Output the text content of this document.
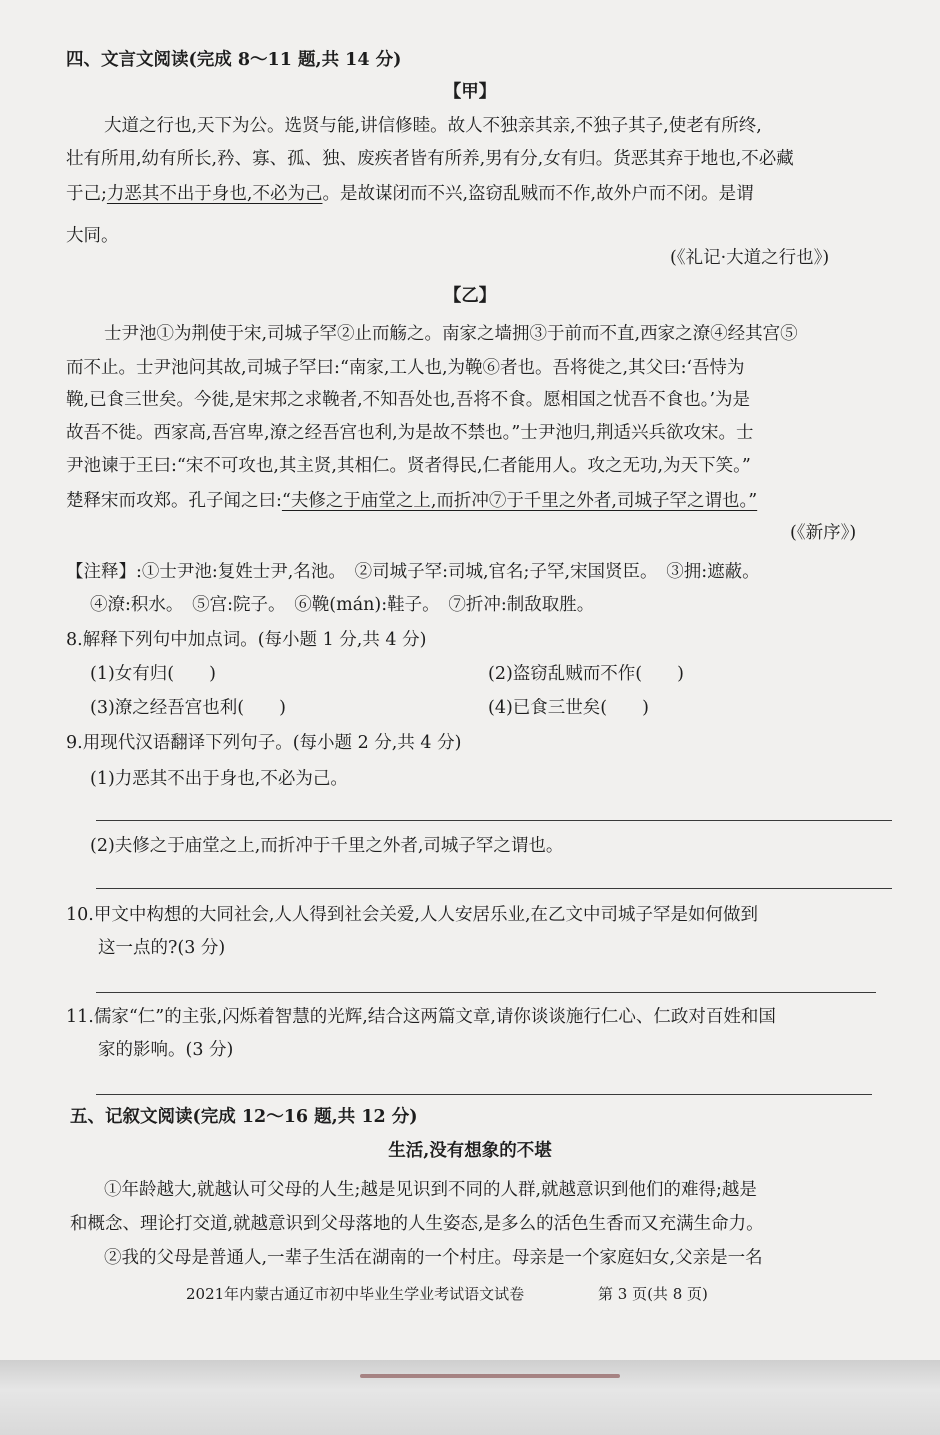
四、文言文阅读(完成 8～11 题,共 14 分)
【甲】
大道之行也,天下为公。选贤与能,讲信修睦。故人不独亲其亲,不独子其子,使老有所终,
壮有所用,幼有所长,矜、寡、孤、独、废疾者皆有所养,男有分,女有归。货恶其弃于地也,不必藏
于己;力恶其不出于身也,不必为己。是故谋闭而不兴,盗窃乱贼而不作,故外户而不闭。是谓
大同。
(《礼记·大道之行也》)
【乙】
士尹池①为荆使于宋,司城子罕②止而觞之。南家之墙拥③于前而不直,西家之潦④经其宫⑤
而不止。士尹池问其故,司城子罕曰:“南家,工人也,为鞔⑥者也。吾将徙之,其父曰:‘吾恃为
鞔,已食三世矣。今徙,是宋邦之求鞔者,不知吾处也,吾将不食。愿相国之忧吾不食也。’为是
故吾不徙。西家高,吾宫卑,潦之经吾宫也利,为是故不禁也。”士尹池归,荆适兴兵欲攻宋。士
尹池谏于王曰:“宋不可攻也,其主贤,其相仁。贤者得民,仁者能用人。攻之无功,为天下笑。”
楚释宋而攻郑。孔子闻之曰:“夫修之于庙堂之上,而折冲⑦于千里之外者,司城子罕之谓也。”
(《新序》)
【注释】:①士尹池:复姓士尹,名池。　②司城子罕:司城,官名;子罕,宋国贤臣。　③拥:遮蔽。
④潦:积水。　⑤宫:院子。　⑥鞔(mán):鞋子。　⑦折冲:制敌取胜。
8.解释下列句中加点词。(每小题 1 分,共 4 分)
(1)女有归(　　)	(2)盗窃乱贼而不作(　　)
(3)潦之经吾宫也利(　　)	(4)已食三世矣(　　)
9.用现代汉语翻译下列句子。(每小题 2 分,共 4 分)
(1)力恶其不出于身也,不必为己。
(2)夫修之于庙堂之上,而折冲于千里之外者,司城子罕之谓也。
10.甲文中构想的大同社会,人人得到社会关爱,人人安居乐业,在乙文中司城子罕是如何做到
这一点的?(3 分)
11.儒家“仁”的主张,闪烁着智慧的光辉,结合这两篇文章,请你谈谈施行仁心、仁政对百姓和国
家的影响。(3 分)
五、记叙文阅读(完成 12～16 题,共 12 分)
生活,没有想象的不堪
①年龄越大,就越认可父母的人生;越是见识到不同的人群,就越意识到他们的难得;越是
和概念、理论打交道,就越意识到父母落地的人生姿态,是多么的活色生香而又充满生命力。
②我的父母是普通人,一辈子生活在湖南的一个村庄。母亲是一个家庭妇女,父亲是一名
2021年内蒙古通辽市初中毕业生学业考试语文试卷	第 3 页(共 8 页)
